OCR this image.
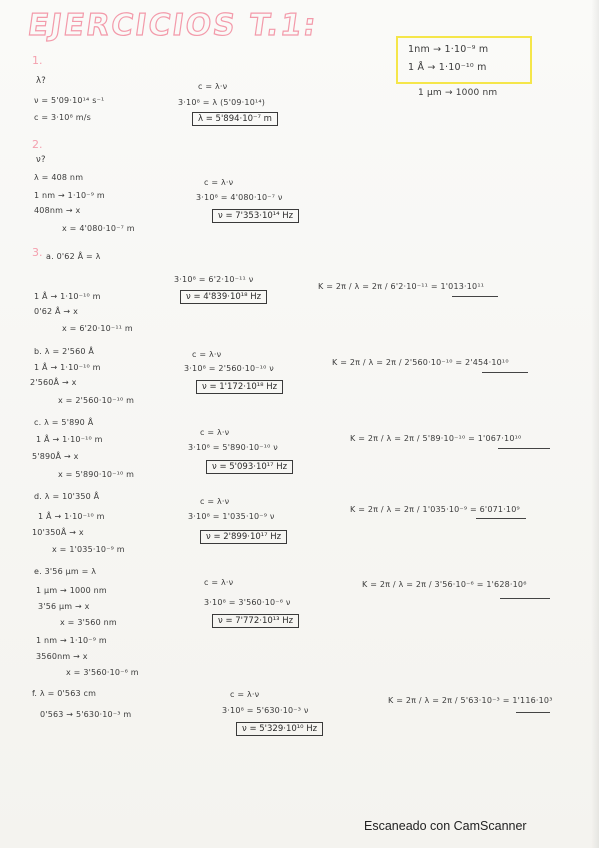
EJERCICIOS T.1:
1nm → 1·10⁻⁹ m
1 Å → 1·10⁻¹⁰ m
1 μm → 1000 nm
1.
λ?
ν = 5'09·10¹⁴ s⁻¹
c = 3·10⁸ m/s
c = λ·ν
3·10⁸ = λ (5'09·10¹⁴)
λ = 5'894·10⁻⁷ m
2.
ν?
λ = 408 nm
1 nm → 1·10⁻⁹ m
408nm → x
x = 4'080·10⁻⁷ m
c = λ·ν
3·10⁸ = 4'080·10⁻⁷ ν
ν = 7'353·10¹⁴ Hz
3. a. 0'62 Å = λ
1 Å → 1·10⁻¹⁰ m
0'62 Å → x
x = 6'20·10⁻¹¹ m
3·10⁸ = 6'2·10⁻¹¹ ν
ν = 4'839·10¹⁸ Hz
K = 2π / λ = 2π / 6'2·10⁻¹¹ = 1'013·10¹¹
b. λ = 2'560 Å
1 Å → 1·10⁻¹⁰ m
2'560Å → x
x = 2'560·10⁻¹⁰ m
c = λ·ν
3·10⁸ = 2'560·10⁻¹⁰ ν
ν = 1'172·10¹⁸ Hz
K = 2π / λ = 2π / 2'560·10⁻¹⁰ = 2'454·10¹⁰
c. λ = 5'890 Å
1 Å → 1·10⁻¹⁰ m
5'890Å → x
x = 5'890·10⁻¹⁰ m
c = λ·ν
3·10⁸ = 5'890·10⁻¹⁰ ν
ν = 5'093·10¹⁷ Hz
K = 2π / λ = 2π / 5'89·10⁻¹⁰ = 1'067·10¹⁰
d. λ = 10'350 Å
1 Å → 1·10⁻¹⁰ m
10'350Å → x
x = 1'035·10⁻⁹ m
c = λ·ν
3·10⁸ = 1'035·10⁻⁹ ν
ν = 2'899·10¹⁷ Hz
K = 2π / λ = 2π / 1'035·10⁻⁹ = 6'071·10⁹
e. 3'56 μm = λ
1 μm → 1000 nm
3'56 μm → x
x = 3'560 nm
1 nm → 1·10⁻⁹ m
3560nm → x
x = 3'560·10⁻⁶ m
c = λ·ν
3·10⁸ = 3'560·10⁻⁶ ν
ν = 7'772·10¹³ Hz
K = 2π / λ = 2π / 3'56·10⁻⁶ = 1'628·10⁶
f. λ = 0'563 cm
0'563 → 5'630·10⁻³ m
c = λ·ν
3·10⁸ = 5'630·10⁻³ ν
ν = 5'329·10¹⁰ Hz
K = 2π / λ = 2π / 5'63·10⁻³ = 1'116·10³
Escaneado con CamScanner
